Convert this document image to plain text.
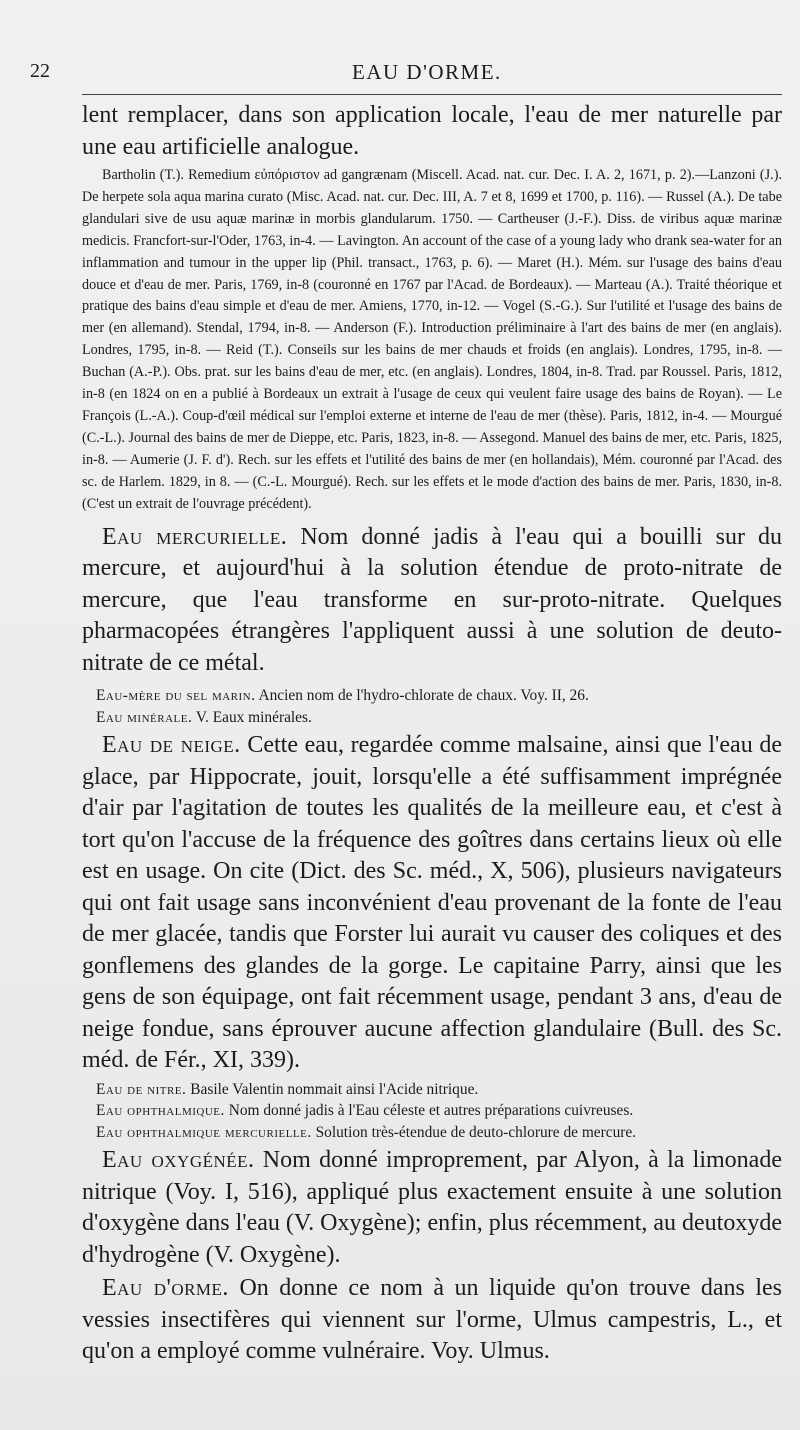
22	EAU D'ORME.

lent remplacer, dans son application locale, l'eau de mer naturelle par une eau artificielle analogue.

Bartholin (T.). Remedium εὐπόριστον ad gangrænam (Miscell. Acad. nat. cur. Dec. I. A. 2, 1671, p. 2).—Lanzoni (J.). De herpete sola aqua marina curato (Misc. Acad. nat. cur. Dec. III, A. 7 et 8, 1699 et 1700, p. 116). — Russel (A.). De tabe glandulari sive de usu aquæ marinæ in morbis glandularum. 1750. — Cartheuser (J.-F.). Diss. de viribus aquæ marinæ medicis. Francfort-sur-l'Oder, 1763, in-4. — Lavington. An account of the case of a young lady who drank sea-water for an inflammation and tumour in the upper lip (Phil. transact., 1763, p. 6). — Maret (H.). Mém. sur l'usage des bains d'eau douce et d'eau de mer. Paris, 1769, in-8 (couronné en 1767 par l'Acad. de Bordeaux). — Marteau (A.). Traité théorique et pratique des bains d'eau simple et d'eau de mer. Amiens, 1770, in-12. — Vogel (S.-G.). Sur l'utilité et l'usage des bains de mer (en allemand). Stendal, 1794, in-8. — Anderson (F.). Introduction préliminaire à l'art des bains de mer (en anglais). Londres, 1795, in-8. — Reid (T.). Conseils sur les bains de mer chauds et froids (en anglais). Londres, 1795, in-8. — Buchan (A.-P.). Obs. prat. sur les bains d'eau de mer, etc. (en anglais). Londres, 1804, in-8. Trad. par Roussel. Paris, 1812, in-8 (en 1824 on en a publié à Bordeaux un extrait à l'usage de ceux qui veulent faire usage des bains de Royan). — Le François (L.-A.). Coup-d'œil médical sur l'emploi externe et interne de l'eau de mer (thèse). Paris, 1812, in-4. — Mourgué (C.-L.). Journal des bains de mer de Dieppe, etc. Paris, 1823, in-8. — Assegond. Manuel des bains de mer, etc. Paris, 1825, in-8. — Aumerie (J. F. d'). Rech. sur les effets et l'utilité des bains de mer (en hollandais), Mém. couronné par l'Acad. des sc. de Harlem. 1829, in 8. — (C.-L. Mourgué). Rech. sur les effets et le mode d'action des bains de mer. Paris, 1830, in-8. (C'est un extrait de l'ouvrage précédent).

Eau mercurielle. Nom donné jadis à l'eau qui a bouilli sur du mercure, et aujourd'hui à la solution étendue de proto-nitrate de mercure, que l'eau transforme en sur-proto-nitrate. Quelques pharmacopées étrangères l'appliquent aussi à une solution de deuto-nitrate de ce métal.

Eau-mère du sel marin. Ancien nom de l'hydro-chlorate de chaux. Voy. II, 26.

Eau minérale. V. Eaux minérales.

Eau de neige. Cette eau, regardée comme malsaine, ainsi que l'eau de glace, par Hippocrate, jouit, lorsqu'elle a été suffisamment imprégnée d'air par l'agitation de toutes les qualités de la meilleure eau, et c'est à tort qu'on l'accuse de la fréquence des goîtres dans certains lieux où elle est en usage. On cite (Dict. des Sc. méd., X, 506), plusieurs navigateurs qui ont fait usage sans inconvénient d'eau provenant de la fonte de l'eau de mer glacée, tandis que Forster lui aurait vu causer des coliques et des gonflemens des glandes de la gorge. Le capitaine Parry, ainsi que les gens de son équipage, ont fait récemment usage, pendant 3 ans, d'eau de neige fondue, sans éprouver aucune affection glandulaire (Bull. des Sc. méd. de Fér., XI, 339).

Eau de nitre. Basile Valentin nommait ainsi l'Acide nitrique.

Eau ophthalmique. Nom donné jadis à l'Eau céleste et autres préparations cuivreuses.

Eau ophthalmique mercurielle. Solution très-étendue de deuto-chlorure de mercure.

Eau oxygénée. Nom donné improprement, par Alyon, à la limonade nitrique (Voy. I, 516), appliqué plus exactement ensuite à une solution d'oxygène dans l'eau (V. Oxygène); enfin, plus récemment, au deutoxyde d'hydrogène (V. Oxygène).

Eau d'orme. On donne ce nom à un liquide qu'on trouve dans les vessies insectifères qui viennent sur l'orme, Ulmus campestris, L., et qu'on a employé comme vulnéraire. Voy. Ulmus.
